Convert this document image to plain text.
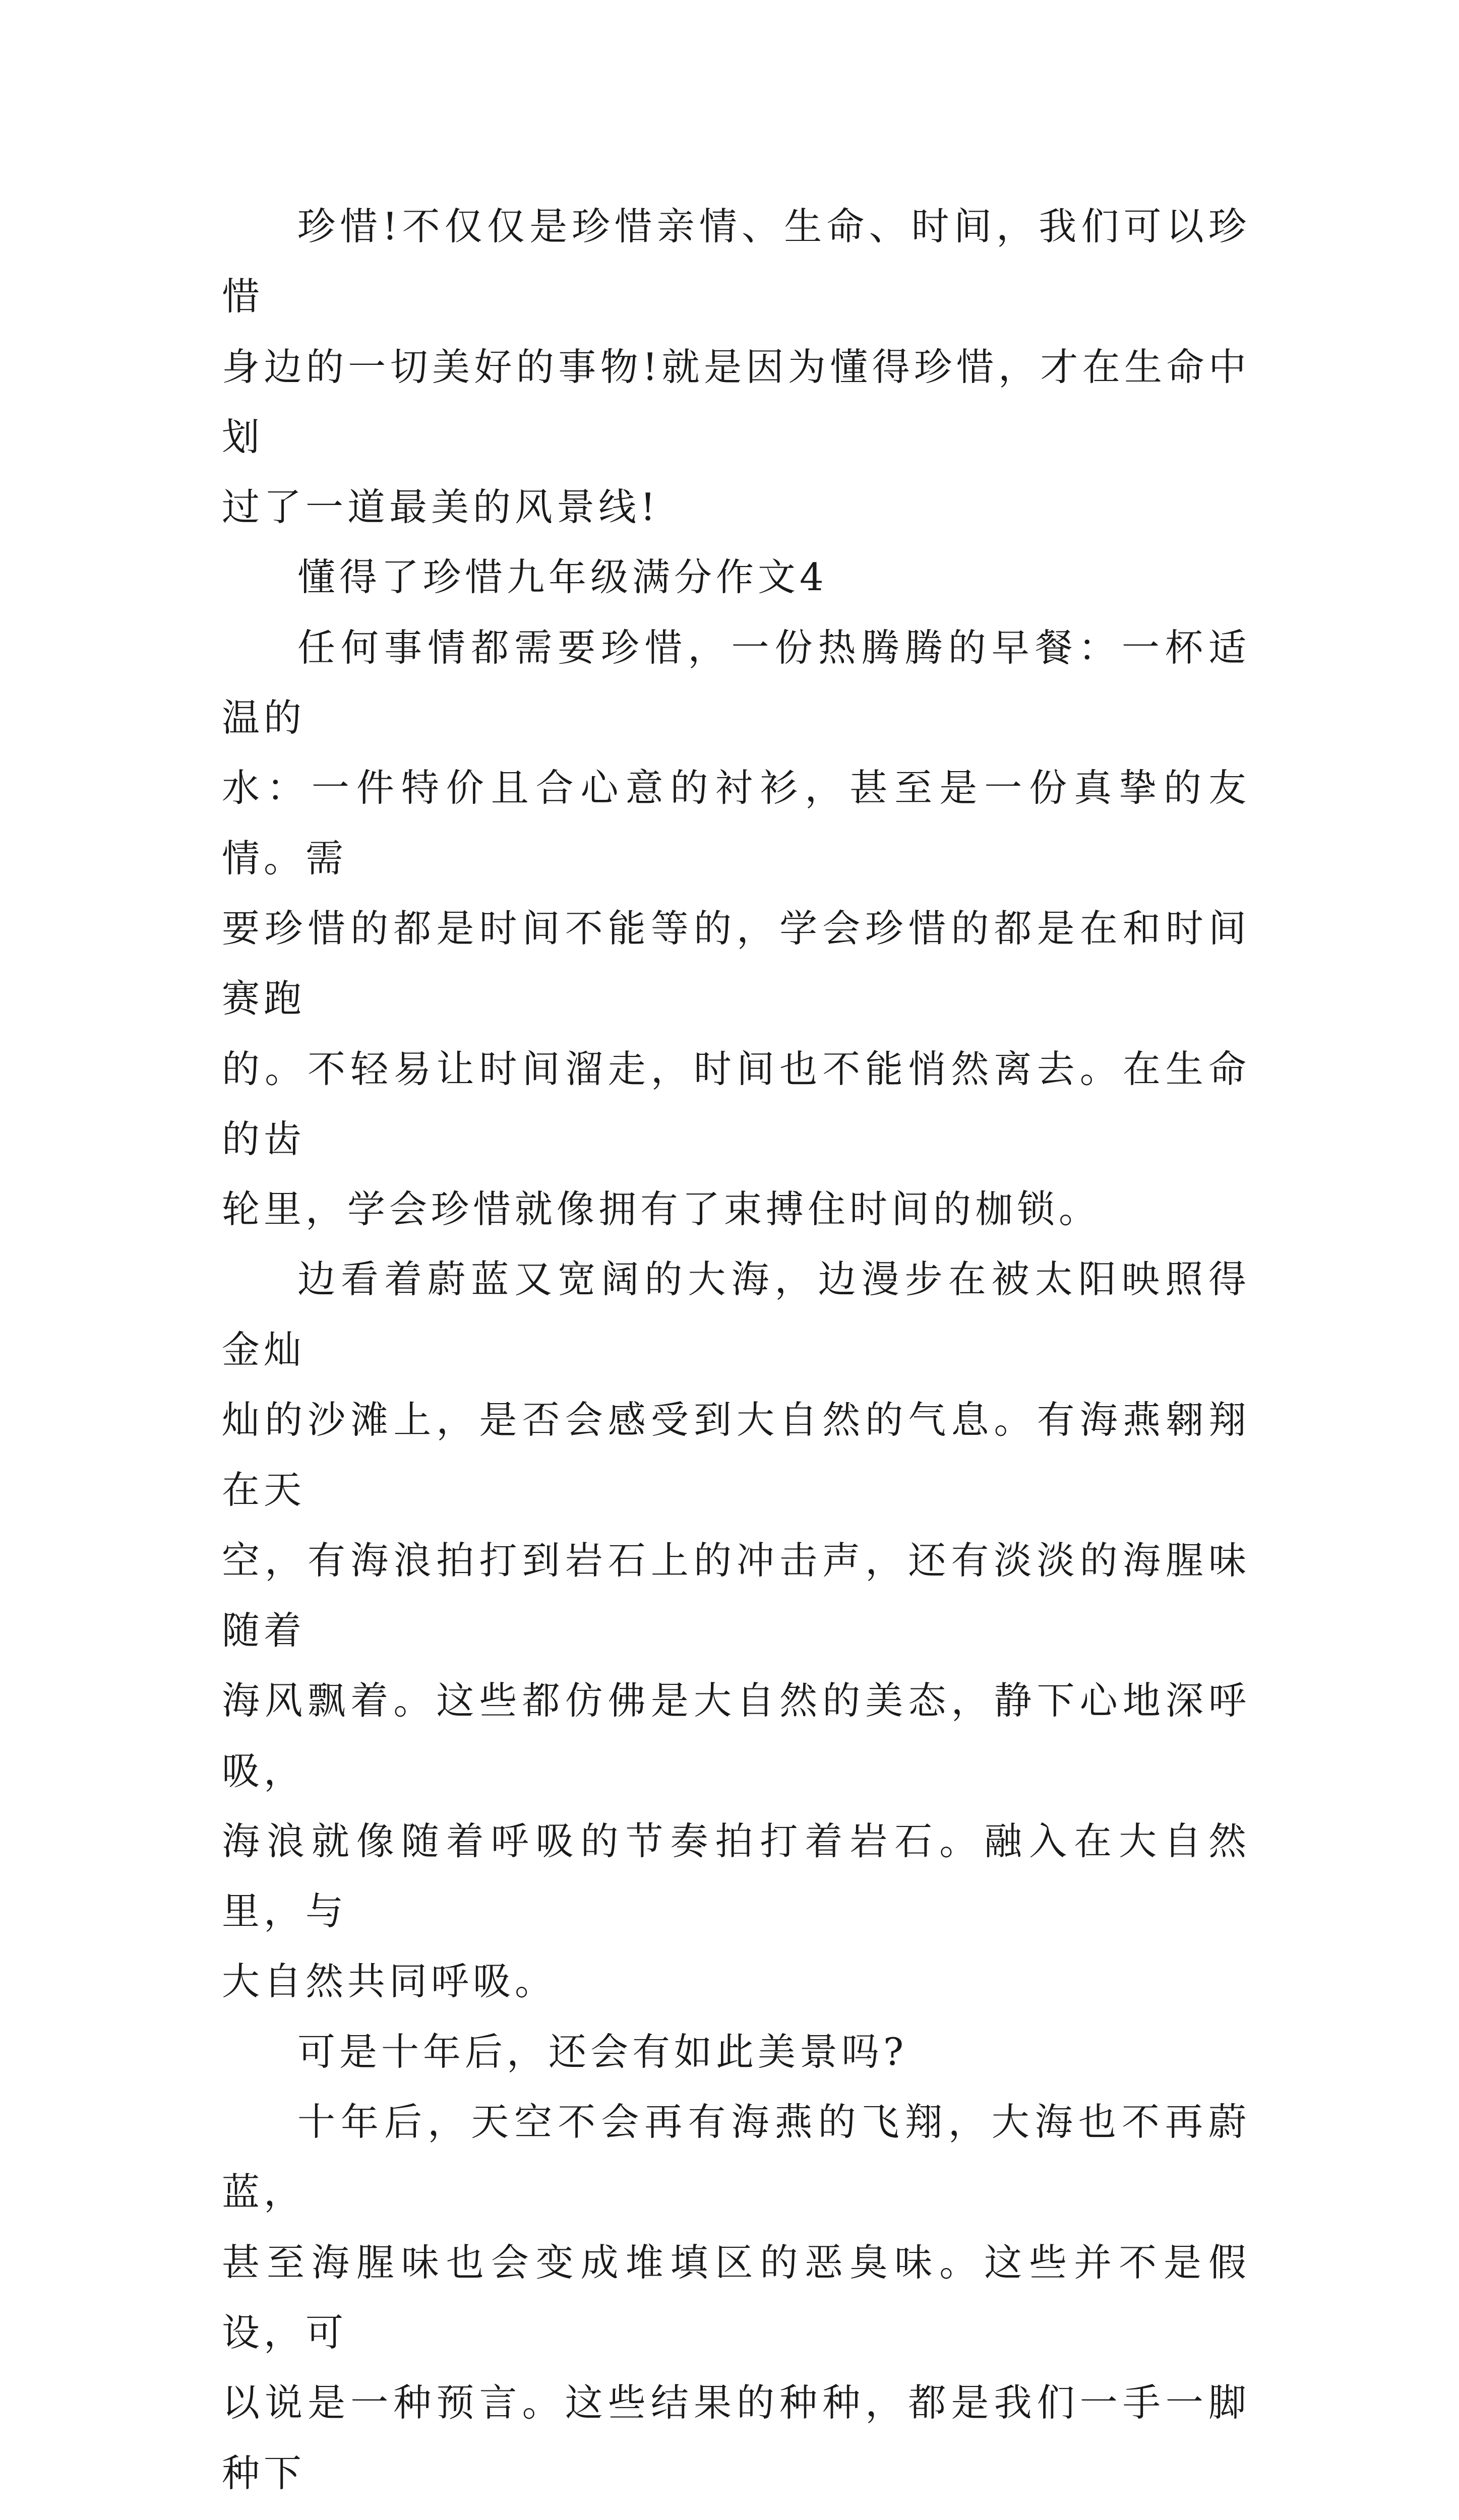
珍惜!不仅仅是珍惜亲情、生命、时间，我们可以珍惜
身边的一切美好的事物!就是因为懂得珍惜，才在生命中划
过了一道最美的风景线!

懂得了珍惜九年级满分作文4

任何事情都需要珍惜，一份热腾腾的早餐：一杯适温的
水：一件特价且合心意的衬衫，甚至是一份真挚的友情。需
要珍惜的都是时间不能等的，学会珍惜的都是在和时间赛跑
的。不轻易让时间溜走，时间也不能悄然离去。在生命的齿
轮里，学会珍惜就像拥有了束搏住时间的枷锁。

边看着蔚蓝又宽阔的大海，边漫步在被太阳映照得金灿
灿的沙滩上，是否会感受到大自然的气息。有海燕翱翔在天
空，有海浪拍打到岩石上的冲击声，还有淡淡的海腥味随着
海风飘着。这些都仿佛是大自然的美态，静下心地深呼吸，
海浪就像随着呼吸的节奏拍打着岩石。融入在大自然里，与
大自然共同呼吸。

可是十年后，还会有如此美景吗?

十年后，天空不会再有海燕的飞翔，大海也不再蔚蓝，
甚至海腥味也会变成堆填区的恶臭味。这些并不是假设，可
以说是一种预言。这些结果的种种，都是我们一手一脚种下
